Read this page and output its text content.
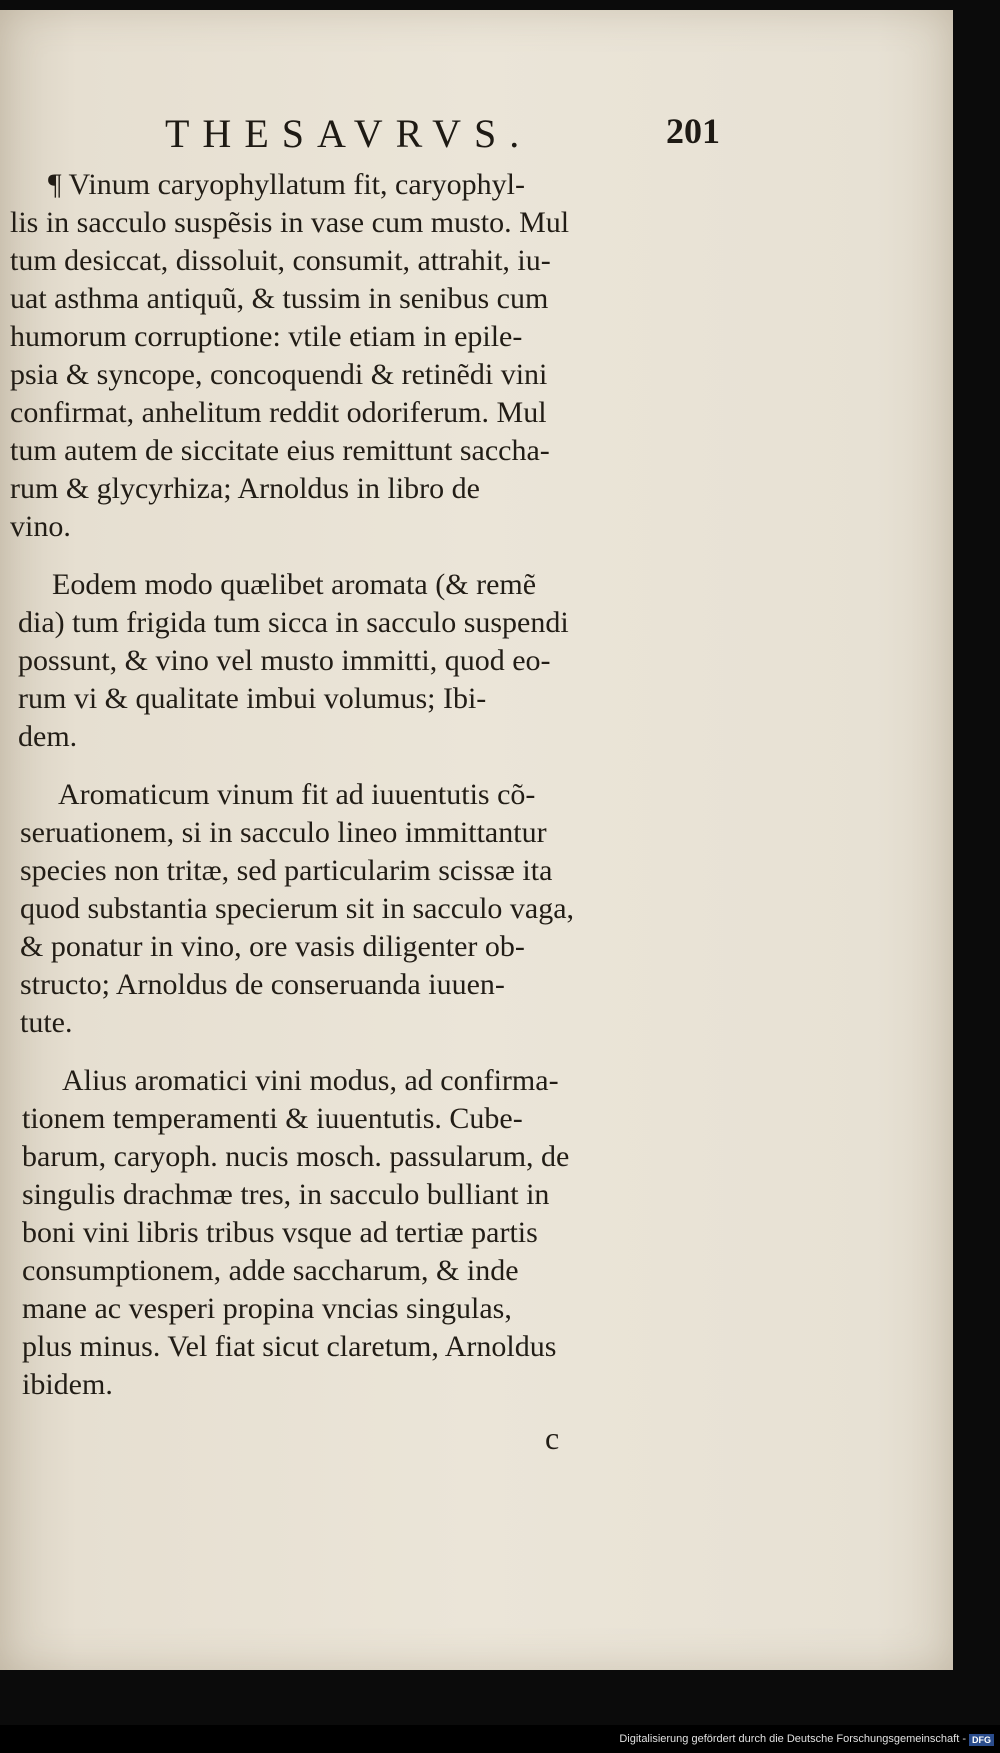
THESAVRVS.	201
¶ Vinum caryophyllatum fit, caryophyl-
lis in sacculo suspẽsis in vase cum musto. Mul
tum desiccat, dissoluit, consumit, attrahit, iu-
uat asthma antiquũ, & tussim in senibus cum
humorum corruptione: vtile etiam in epile-
psia & syncope, concoquendi & retinẽdi vini
confirmat, anhelitum reddit odoriferum. Mul
tum autem de siccitate eius remittunt saccha-
rum & glycyrhiza; Arnoldus in libro de
vino.
Eodem modo quælibet aromata (& remẽ
dia) tum frigida tum sicca in sacculo suspendi
possunt, & vino vel musto immitti, quod eo-
rum vi & qualitate imbui volumus; Ibi-
dem.
Aromaticum vinum fit ad iuuentutis cõ-
seruationem, si in sacculo lineo immittantur
species non tritæ, sed particularim scissæ ita
quod substantia specierum sit in sacculo vaga,
& ponatur in vino, ore vasis diligenter ob-
structo; Arnoldus de conseruanda iuuen-
tute.
Alius aromatici vini modus, ad confirma-
tionem temperamenti & iuuentutis. Cube-
barum, caryoph. nucis mosch. passularum, de
singulis drachmæ tres, in sacculo bulliant in
boni vini libris tribus vsque ad tertiæ partis
consumptionem, adde saccharum, & inde
mane ac vesperi propina vncias singulas,
plus minus. Vel fiat sicut claretum, Arnoldus
ibidem.
c
Digitalisierung gefördert durch die Deutsche Forschungsgemeinschaft - DFG
